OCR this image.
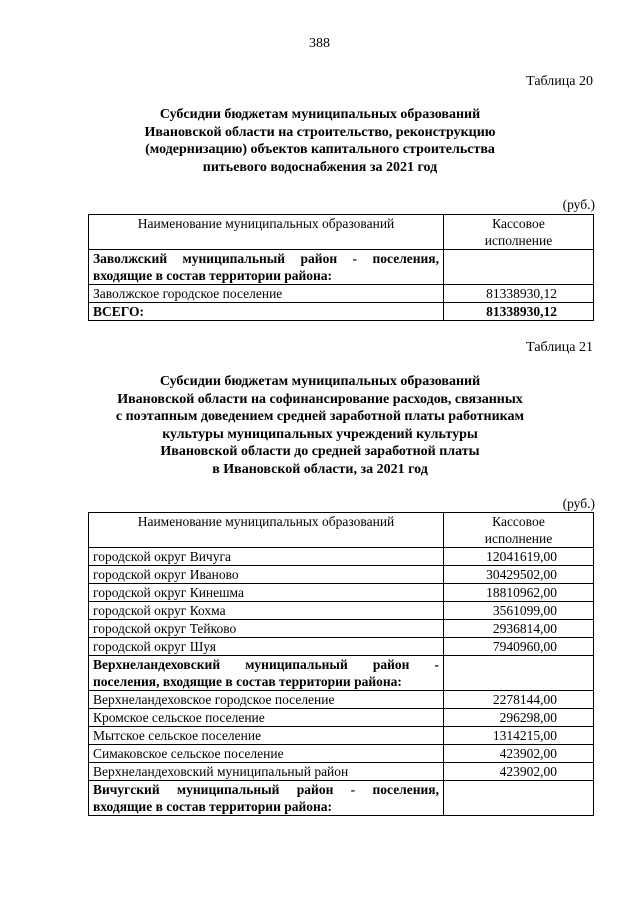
388
Таблица 20
Субсидии бюджетам муниципальных образований
Ивановской области на строительство, реконструкцию
(модернизацию) объектов капитального строительства
питьевого водоснабжения за 2021 год
(руб.)
Наименование муниципальных образований	Кассовое
исполнение

Заволжский муниципальный район - поселения,
входящие в состав территории района:	

Заволжское городское поселение	81338930,12

ВСЕГО:	81338930,12
Таблица 21
Субсидии бюджетам муниципальных образований
Ивановской области на софинансирование расходов, связанных
с поэтапным доведением средней заработной платы работникам
культуры муниципальных учреждений культуры
Ивановской области до средней заработной платы
в Ивановской области, за 2021 год
(руб.)
Наименование муниципальных образований	Кассовое
исполнение

городской округ Вичуга	12041619,00

городской округ Иваново	30429502,00

городской округ Кинешма	18810962,00

городской округ Кохма	3561099,00

городской округ Тейково	2936814,00

городской округ Шуя	7940960,00

Верхнеландеховский муниципальный район -
поселения, входящие в состав территории района:	

Верхнеландеховское городское поселение	2278144,00

Кромское сельское поселение	296298,00

Мытское сельское поселение	1314215,00

Симаковское сельское поселение	423902,00

Верхнеландеховский муниципальный район	423902,00

Вичугский муниципальный район - поселения,
входящие в состав территории района:	
